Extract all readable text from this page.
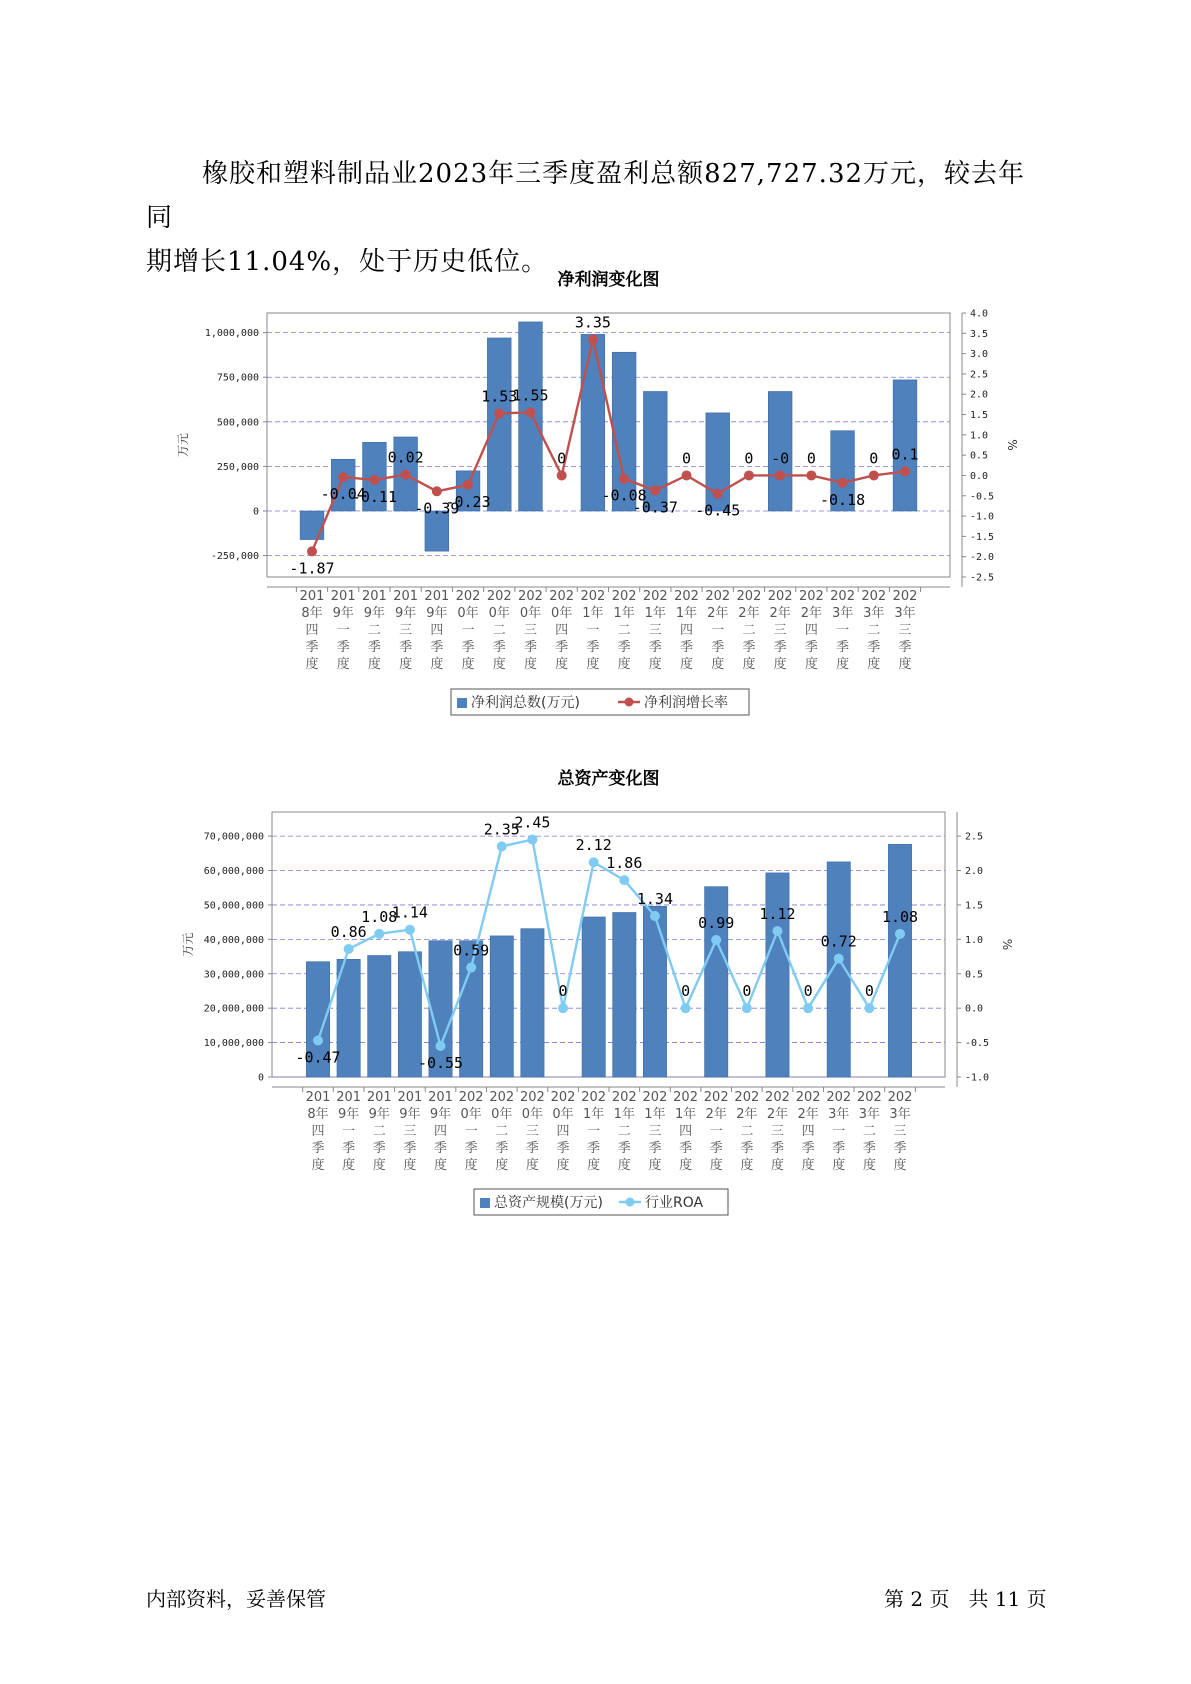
橡胶和塑料制品业2023年三季度盈利总额827,727.32万元，较去年同
期增长11.04%，处于历史低位。

净利润变化图
-250,000
0
250,000
500,000
750,000
1,000,000
-2.5
-2.0
-1.5
-1.0
-0.5
0.0
0.5
1.0
1.5
2.0
2.5
3.0
3.5
4.0
万元	%
-1.87
-0.04
-0.11
0.02
-0.39
-0.23
1.53
1.55
0
3.35
-0.08
-0.37
0
-0.45
0 -0 0
-0.18
0 0.1
201
8年
四
季
度
201
9年
一
季
度
201
9年
二
季
度
201
9年
三
季
度
201
9年
四
季
度
202
0年
一
季
度
202
0年
二
季
度
202
0年
三
季
度
202
0年
四
季
度
202
1年
一
季
度
202
1年
二
季
度
202
1年
三
季
度
202
1年
四
季
度
202
2年
一
季
度
202
2年
二
季
度
202
2年
三
季
度
202
2年
四
季
度
202
3年
一
季
度
202
3年
二
季
度
202
3年
三
季
度
净利润总数(万元)	净利润增长率
总资产变化图
0
10,000,000
20,000,000
30,000,000
40,000,000
50,000,000
60,000,000
70,000,000
-1.0
-0.5
0.0
0.5
1.0
1.5
2.0
2.5
万元	%
-0.47
0.86
1.08
1.14
-0.55
0.59
2.35
2.45
0
2.12
1.86
1.34
0
0.99
0
1.12
0
0.72
0
1.08
201
8年
四
季
度
201
9年
一
季
度
201
9年
二
季
度
201
9年
三
季
度
201
9年
四
季
度
202
0年
一
季
度
202
0年
二
季
度
202
0年
三
季
度
202
0年
四
季
度
202
1年
一
季
度
202
1年
二
季
度
202
1年
三
季
度
202
1年
四
季
度
202
2年
一
季
度
202
2年
二
季
度
202
2年
三
季
度
202
2年
四
季
度
202
3年
一
季
度
202
3年
二
季
度
202
3年
三
季
度
总资产规模(万元)	行业ROA
内部资料，妥善保管	第 2 页   共 11 页
